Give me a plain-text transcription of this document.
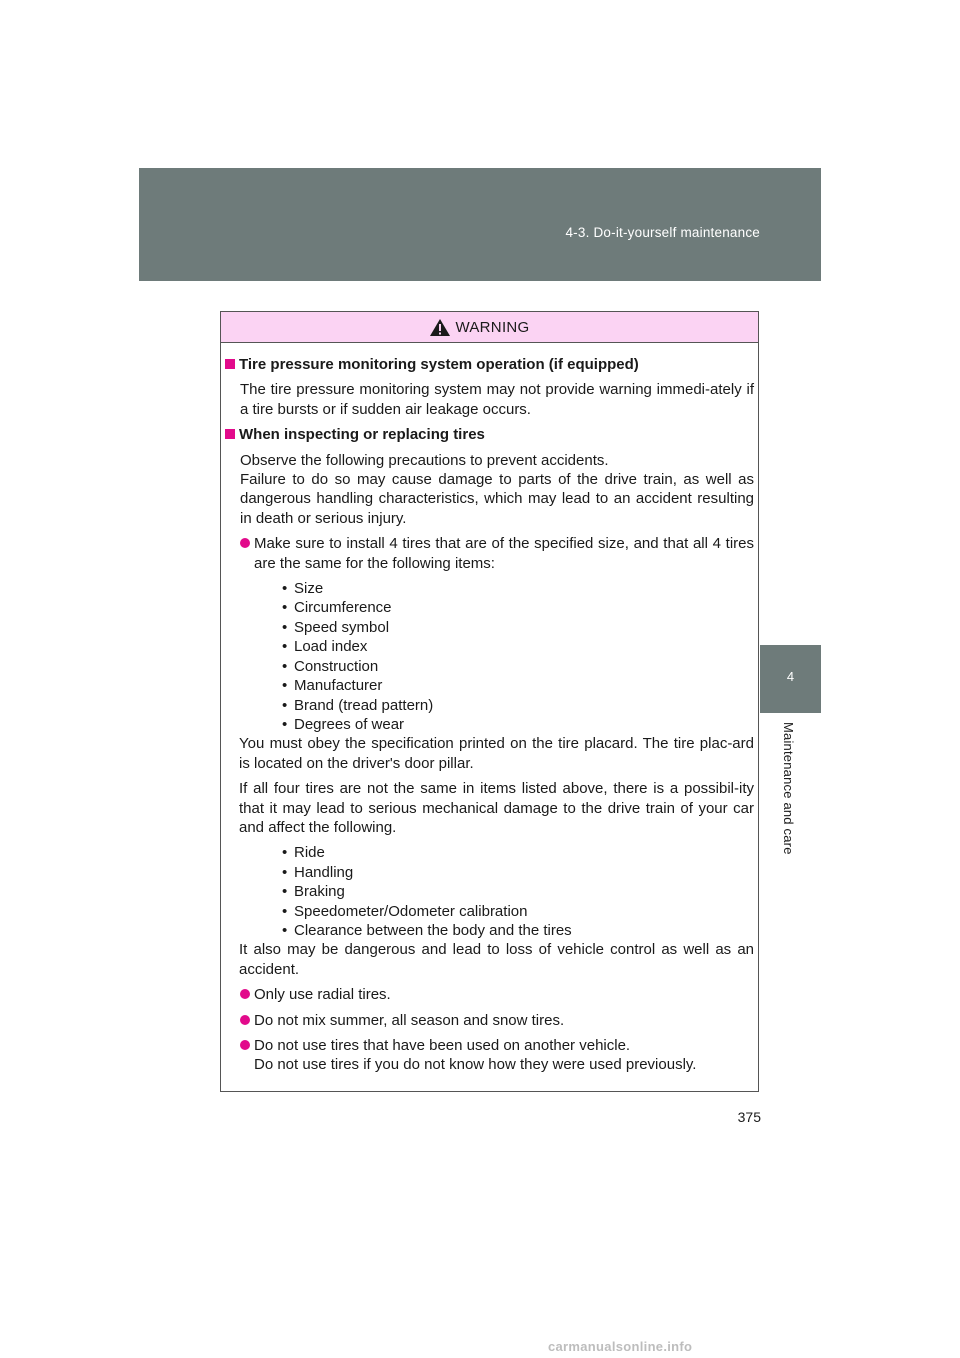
4-3. Do-it-yourself maintenance
4
Maintenance and care
WARNING
Tire pressure monitoring system operation (if equipped)
The tire pressure monitoring system may not provide warning immedi-ately if a tire bursts or if sudden air leakage occurs.
When inspecting or replacing tires
Observe the following precautions to prevent accidents.
Failure to do so may cause damage to parts of the drive train, as well as dangerous handling characteristics, which may lead to an accident resulting in death or serious injury.
Make sure to install 4 tires that are of the specified size, and that all 4 tires are the same for the following items:
• Size
• Circumference
• Speed symbol
• Load index
• Construction
• Manufacturer
• Brand (tread pattern)
• Degrees of wear
You must obey the specification printed on the tire placard. The tire plac-ard is located on the driver's door pillar.
If all four tires are not the same in items listed above, there is a possibil-ity that it may lead to serious mechanical damage to the drive train of your car and affect the following.
• Ride
• Handling
• Braking
• Speedometer/Odometer calibration
• Clearance between the body and the tires
It also may be dangerous and lead to loss of vehicle control as well as an accident.
Only use radial tires.
Do not mix summer, all season and snow tires.
Do not use tires that have been used on another vehicle.
Do not use tires if you do not know how they were used previously.
375
carmanualsonline.info
